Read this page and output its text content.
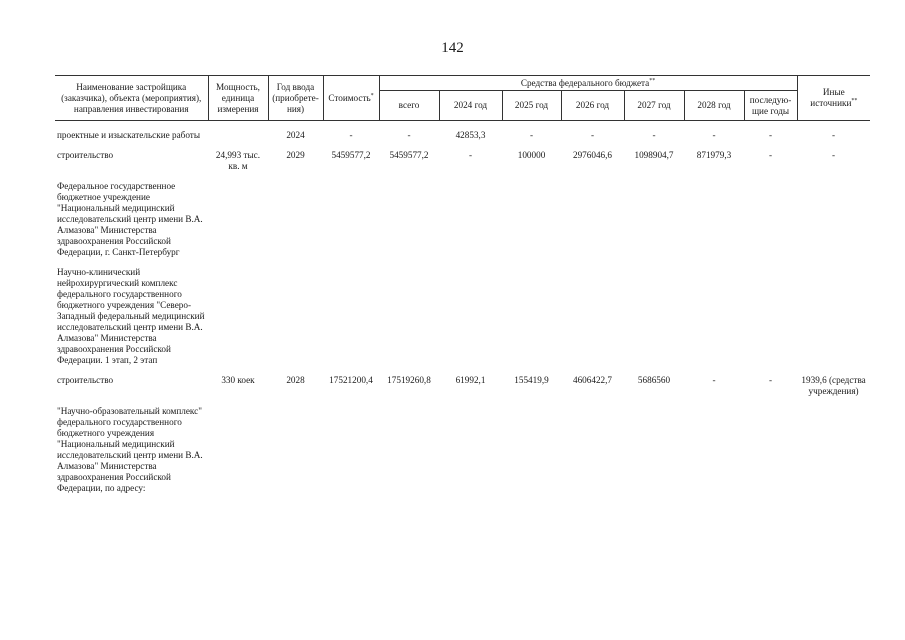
142
Наименование застройщика (заказчика), объекта (мероприятия), направления инвестирования	Мощность, единица измерения	Год ввода (приобрете-ния)	Стоимость*	Средства федерального бюджета**							Иные источники**
				всего	2024 год	2025 год	2026 год	2027 год	2028 год	последую-щие годы	

проектные и изыскательские работы		2024	-	-	42853,3	-	-	-	-	-	-

строительство	24,993 тыс. кв. м	2029	5459577,2	5459577,2	-	100000	2976046,6	1098904,7	871979,3	-	-

Федеральное государственное бюджетное учреждение "Национальный медицинский исследовательский центр имени В.А. Алмазова" Министерства здравоохранения Российской Федерации, г. Санкт-Петербург											

Научно-клинический нейрохирургический комплекс федерального государственного бюджетного учреждения "Северо-Западный федеральный медицинский исследовательский центр имени В.А. Алмазова" Министерства здравоохранения Российской Федерации. 1 этап, 2 этап											

строительство	330 коек	2028	17521200,4	17519260,8	61992,1	155419,9	4606422,7	5686560	-	-	1939,6 (средства учреждения)

"Научно-образовательный комплекс" федерального государственного бюджетного учреждения "Национальный медицинский исследовательский центр имени В.А. Алмазова" Министерства здравоохранения Российской Федерации, по адресу:											
